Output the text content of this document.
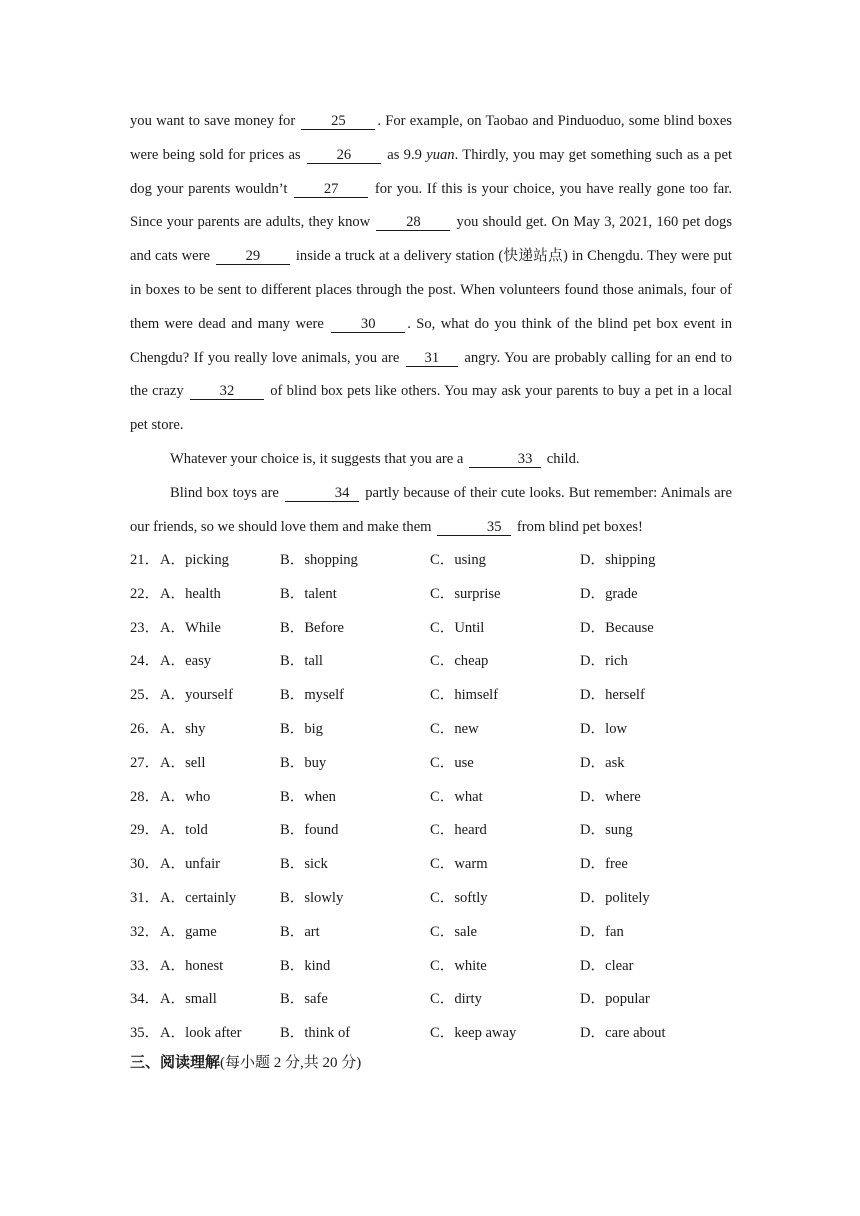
you want to save money for 25 . For example, on Taobao and Pinduoduo, some blind boxes were being sold for prices as 26 as 9.9 yuan. Thirdly, you may get something such as a pet dog your parents wouldn’t 27 for you. If this is your choice, you have really gone too far. Since your parents are adults, they know 28 you should get. On May 3, 2021, 160 pet dogs and cats were 29 inside a truck at a delivery station (快递站点) in Chengdu. They were put in boxes to be sent to different places through the post. When volunteers found those animals, four of them were dead and many were 30 . So, what do you think of the blind pet box event in Chengdu? If you really love animals, you are 31 angry. You are probably calling for an end to the crazy 32 of blind box pets like others. You may ask your parents to buy a pet in a local pet store.

Whatever your choice is, it suggests that you are a	33 child.

Blind box toys are	34 partly because of their cute looks. But remember: Animals are our friends, so we should love them and make them	35 from blind pet boxes!

21． A．picking	B．shopping	C．using	D．shipping
22． A．health	B．talent	C．surprise	D．grade
23． A．While	B．Before	C．Until	D．Because
24． A．easy	B．tall	C．cheap	D．rich
25． A．yourself	B．myself	C．himself	D．herself
26． A．shy	B．big	C．new	D．low
27． A．sell	B．buy	C．use	D．ask
28． A．who	B．when	C．what	D．where
29． A．told	B．found	C．heard	D．sung
30． A．unfair	B．sick	C．warm	D．free
31． A．certainly	B．slowly	C．softly	D．politely
32． A．game	B．art	C．sale	D．fan
33． A．honest	B．kind	C．white	D．clear
34． A．small	B．safe	C．dirty	D．popular
35． A．look after	B．think of	C．keep away	D．care about
三、阅读理解(每小题 2 分,共 20 分)
